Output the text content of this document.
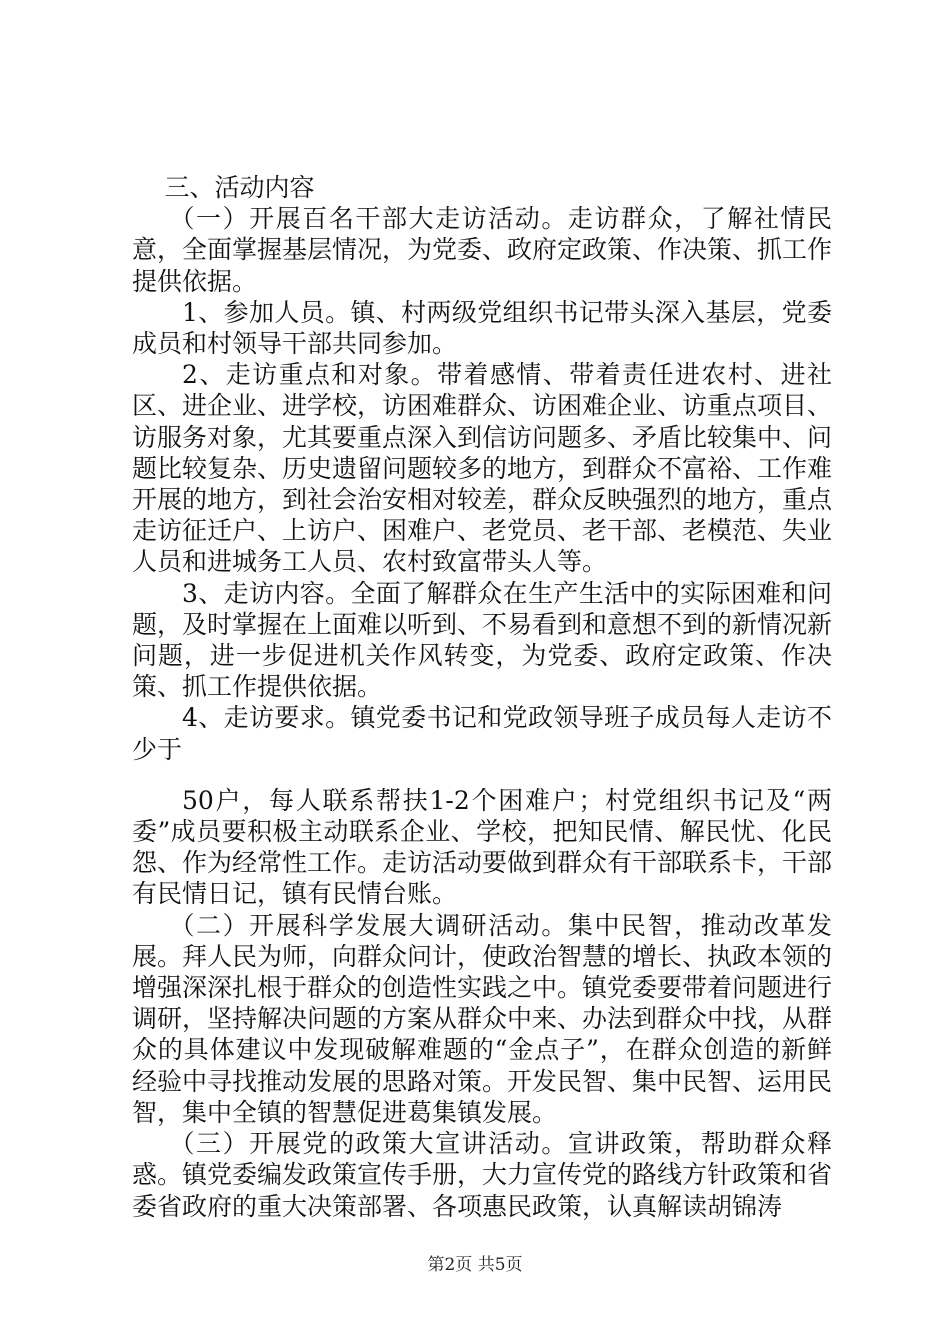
三、活动内容

（一）开展百名干部大走访活动。走访群众，了解社情民意，全面掌握基层情况，为党委、政府定政策、作决策、抓工作提供依据。

1、参加人员。镇、村两级党组织书记带头深入基层，党委成员和村领导干部共同参加。

2、走访重点和对象。带着感情、带着责任进农村、进社区、进企业、进学校，访困难群众、访困难企业、访重点项目、访服务对象，尤其要重点深入到信访问题多、矛盾比较集中、问题比较复杂、历史遗留问题较多的地方，到群众不富裕、工作难开展的地方，到社会治安相对较差，群众反映强烈的地方，重点走访征迁户、上访户、困难户、老党员、老干部、老模范、失业人员和进城务工人员、农村致富带头人等。

3、走访内容。全面了解群众在生产生活中的实际困难和问题，及时掌握在上面难以听到、不易看到和意想不到的新情况新问题，进一步促进机关作风转变，为党委、政府定政策、作决策、抓工作提供依据。

4、走访要求。镇党委书记和党政领导班子成员每人走访不少于

50户，每人联系帮扶1-2个困难户；村党组织书记及“两委”成员要积极主动联系企业、学校，把知民情、解民忧、化民怨、作为经常性工作。走访活动要做到群众有干部联系卡，干部有民情日记，镇有民情台账。

（二）开展科学发展大调研活动。集中民智，推动改革发展。拜人民为师，向群众问计，使政治智慧的增长、执政本领的增强深深扎根于群众的创造性实践之中。镇党委要带着问题进行调研，坚持解决问题的方案从群众中来、办法到群众中找，从群众的具体建议中发现破解难题的“金点子”，在群众创造的新鲜经验中寻找推动发展的思路对策。开发民智、集中民智、运用民智，集中全镇的智慧促进葛集镇发展。

（三）开展党的政策大宣讲活动。宣讲政策，帮助群众释惑。镇党委编发政策宣传手册，大力宣传党的路线方针政策和省委省政府的重大决策部署、各项惠民政策，认真解读胡锦涛

第2页 共5页
